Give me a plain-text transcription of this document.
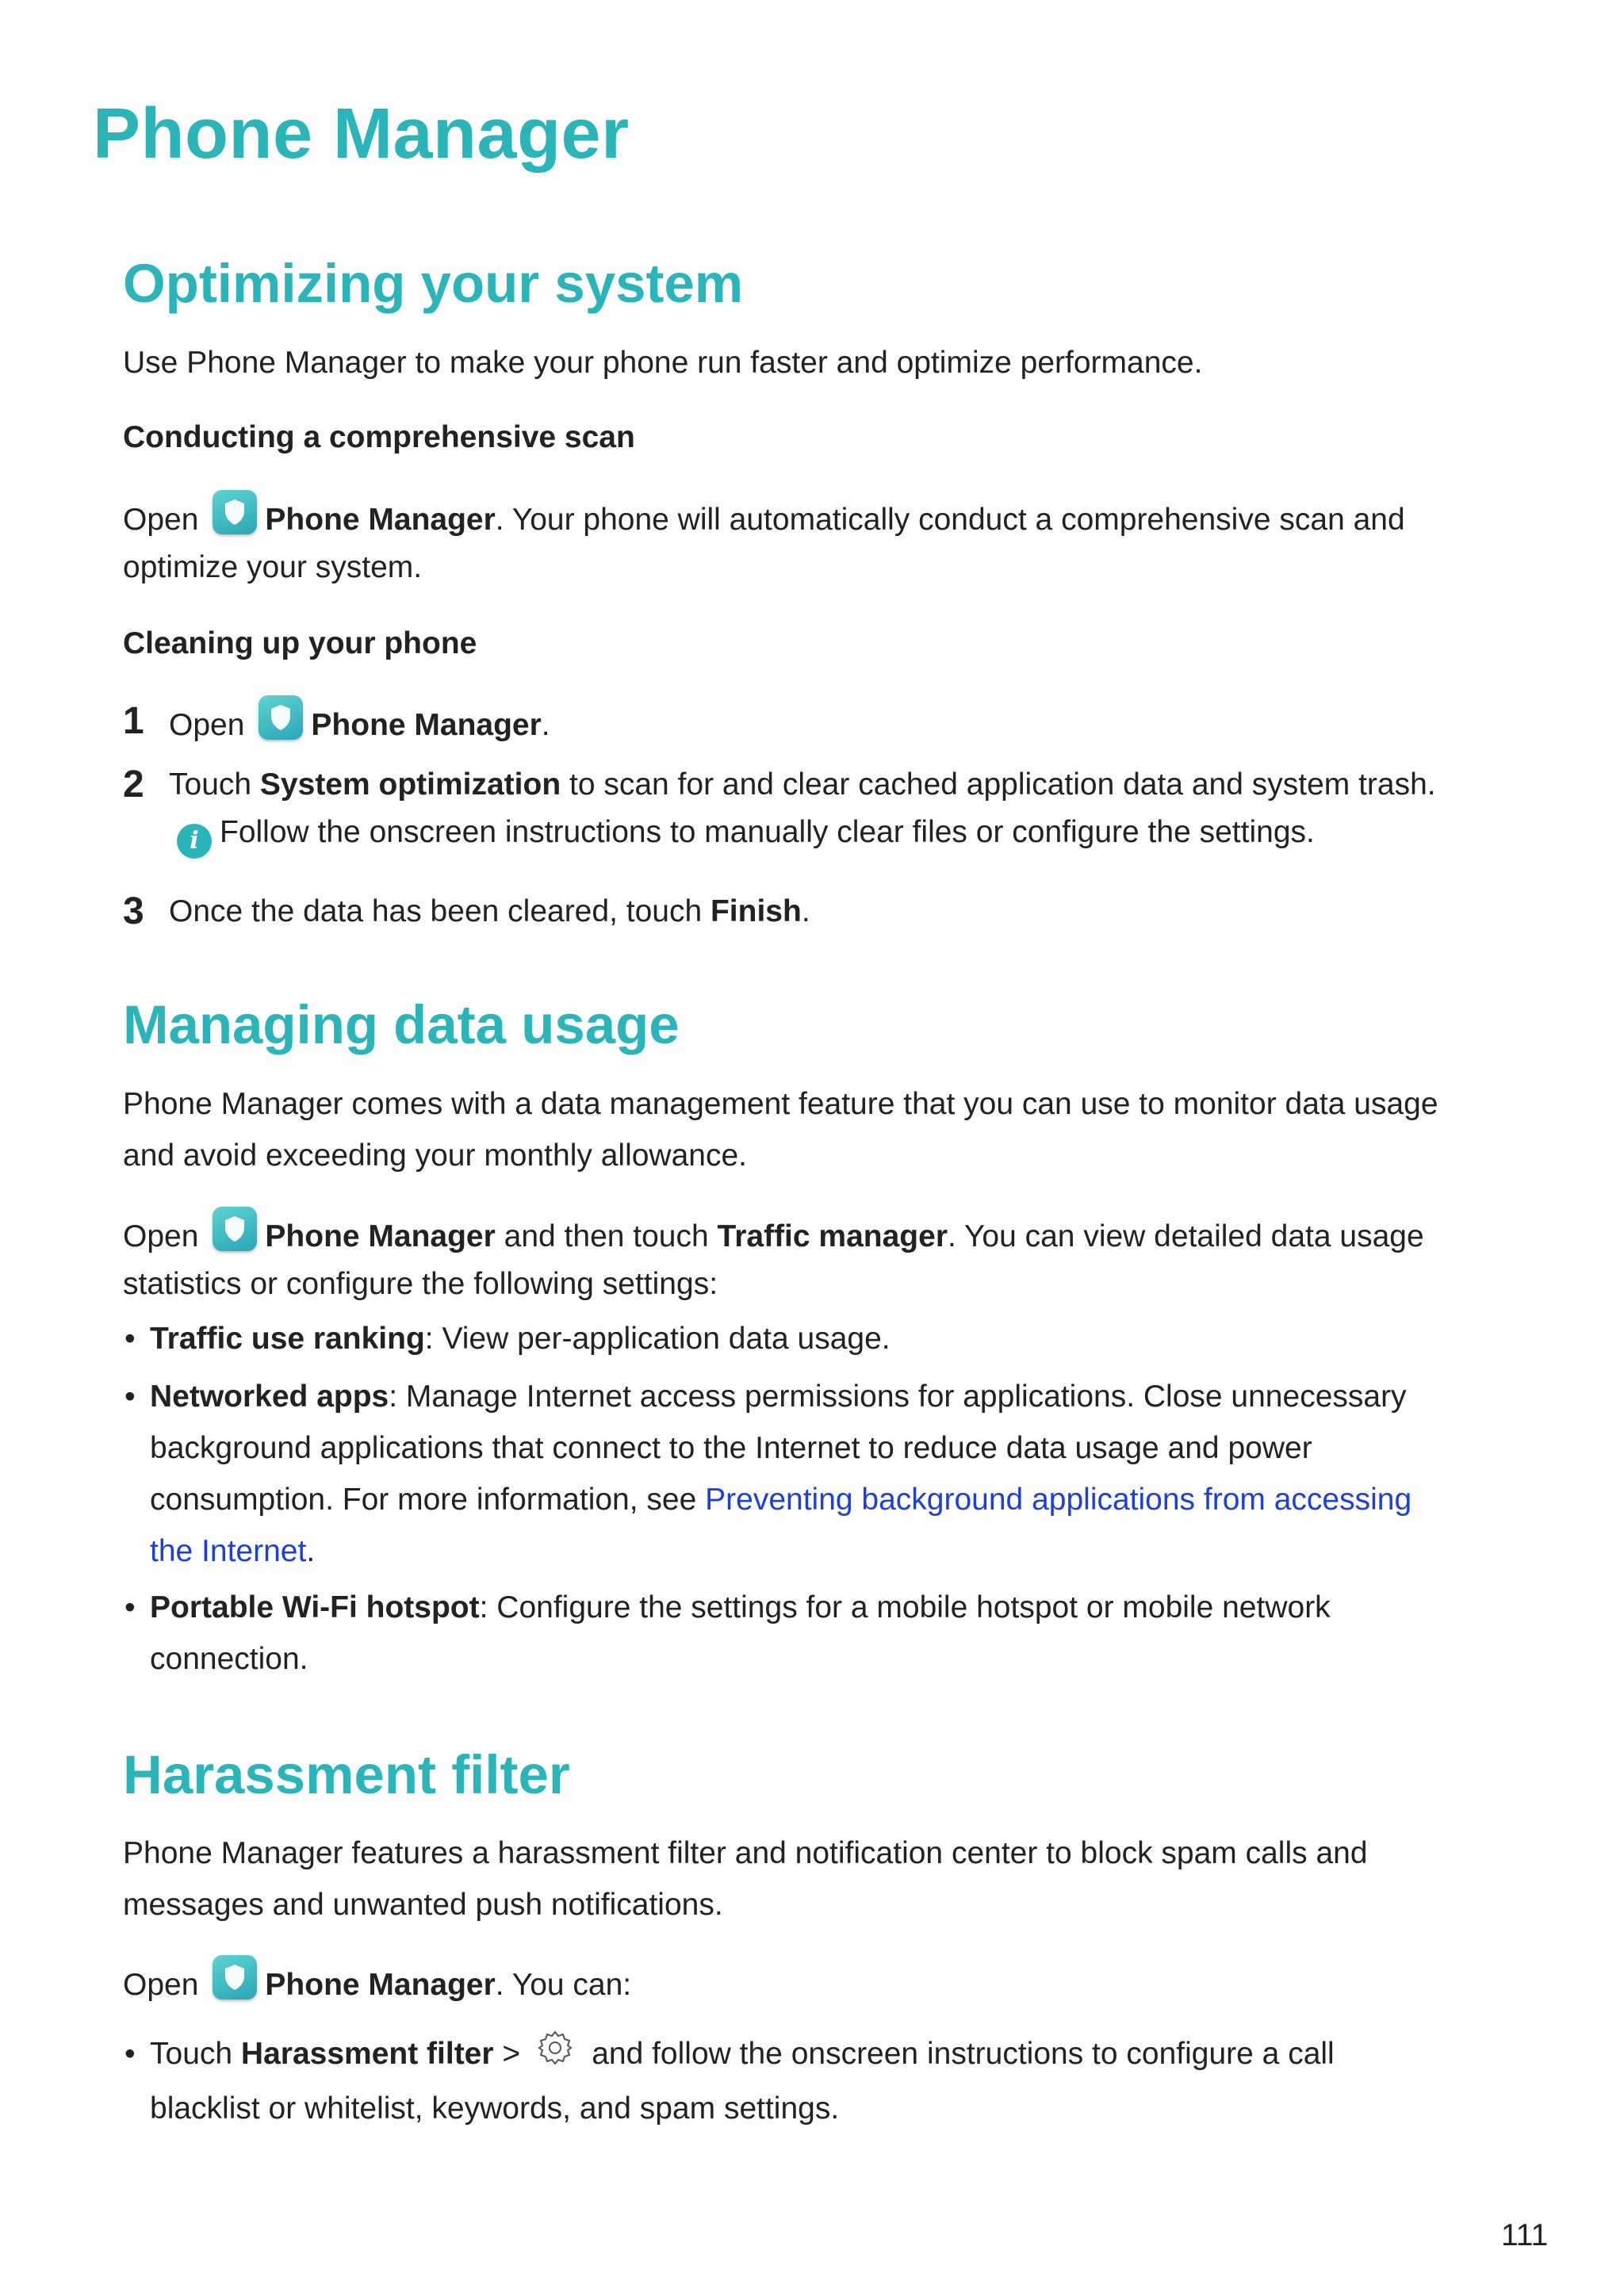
Phone Manager
Optimizing your system

Use Phone Manager to make your phone run faster and optimize performance.

Conducting a comprehensive scan

Open Phone Manager. Your phone will automatically conduct a comprehensive scan and

optimize your system.

Cleaning up your phone
1 Open Phone Manager.
2 Touch System optimization to scan for and clear cached application data and system trash.
i Follow the onscreen instructions to manually clear files or configure the settings.
3 Once the data has been cleared, touch Finish.
Managing data usage

Phone Manager comes with a data management feature that you can use to monitor data usage

and avoid exceeding your monthly allowance.

Open Phone Manager and then touch Traffic manager. You can view detailed data usage

statistics or configure the following settings:

• Traffic use ranking: View per-application data usage.

• Networked apps: Manage Internet access permissions for applications. Close unnecessary

background applications that connect to the Internet to reduce data usage and power

consumption. For more information, see Preventing background applications from accessing

the Internet.

• Portable Wi-Fi hotspot: Configure the settings for a mobile hotspot or mobile network

connection.

Harassment filter

Phone Manager features a harassment filter and notification center to block spam calls and

messages and unwanted push notifications.

Open Phone Manager. You can:

• Touch Harassment filter > and follow the onscreen instructions to configure a call

blacklist or whitelist, keywords, and spam settings.

111
